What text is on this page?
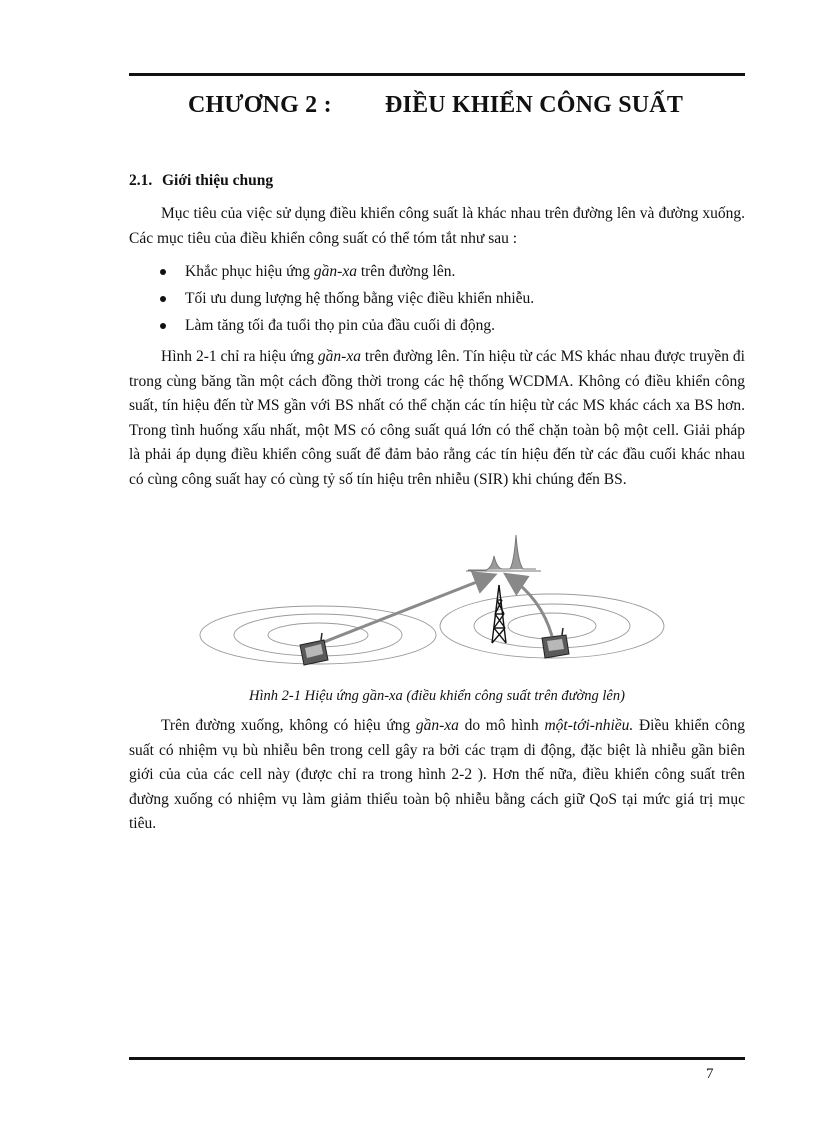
CHƯƠNG 2 : ĐIỀU KHIỂN CÔNG SUẤT
2.1. Giới thiệu chung

Mục tiêu của việc sử dụng điều khiển công suất là khác nhau trên đường lên và đường xuống. Các mục tiêu của điều khiển công suất có thể tóm tắt như sau :

Khắc phục hiệu ứng gần-xa trên đường lên.
Tối ưu dung lượng hệ thống bằng việc điều khiển nhiễu.
Làm tăng tối đa tuổi thọ pin của đầu cuối di động.

Hình 2-1 chỉ ra hiệu ứng gần-xa trên đường lên. Tín hiệu từ các MS khác nhau được truyền đi trong cùng băng tần một cách đồng thời trong các hệ thống WCDMA. Không có điều khiển công suất, tín hiệu đến từ MS gần với BS nhất có thể chặn các tín hiệu từ các MS khác cách xa BS hơn. Trong tình huống xấu nhất, một MS có công suất quá lớn có thể chặn toàn bộ một cell. Giải pháp là phải áp dụng điều khiển công suất để đảm bảo rằng các tín hiệu đến từ các đầu cuối khác nhau có cùng công suất hay có cùng tỷ số tín hiệu trên nhiễu (SIR) khi chúng đến BS.

Hình 2-1 Hiệu ứng gần-xa (điều khiển công suất trên đường lên)

Trên đường xuống, không có hiệu ứng gần-xa do mô hình một-tới-nhiều. Điều khiển công suất có nhiệm vụ bù nhiễu bên trong cell gây ra bởi các trạm di động, đặc biệt là nhiễu gần biên giới của của các cell này (được chỉ ra trong hình 2-2 ). Hơn thế nữa, điều khiển công suất trên đường xuống có nhiệm vụ làm giảm thiểu toàn bộ nhiễu bằng cách giữ QoS tại mức giá trị mục tiêu.

7
